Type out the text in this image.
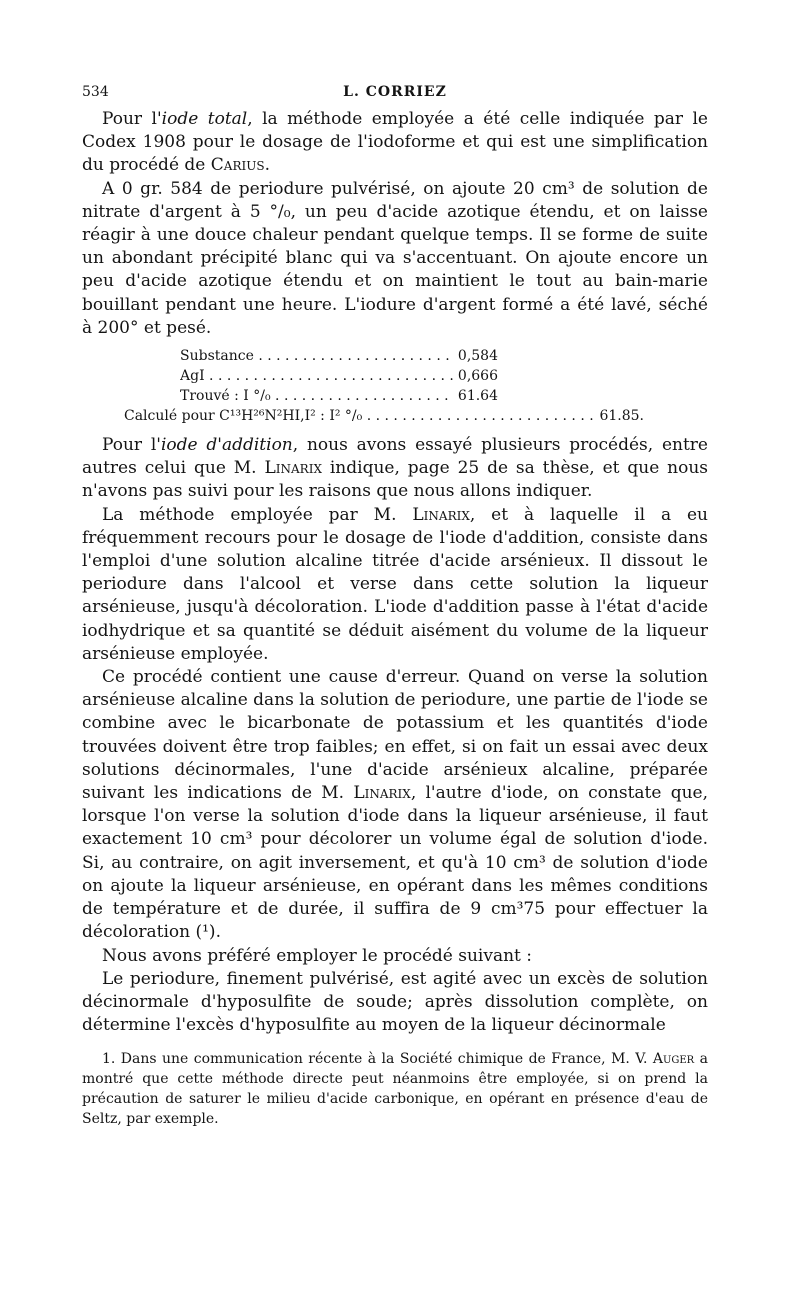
534	L. CORRIEZ

Pour l'iode total, la méthode employée a été celle indiquée par le Codex 1908 pour le dosage de l'iodoforme et qui est une simplification du procédé de Carius.

A 0 gr. 584 de periodure pulvérisé, on ajoute 20 cm³ de solution de nitrate d'argent à 5 °/₀, un peu d'acide azotique étendu, et on laisse réagir à une douce chaleur pendant quelque temps. Il se forme de suite un abondant précipité blanc qui va s'accentuant. On ajoute encore un peu d'acide azotique étendu et on maintient le tout au bain-marie bouillant pendant une heure. L'iodure d'argent formé a été lavé, séché à 200° et pesé.

Substance . . .	0,584
AgI . . .	0,666
Trouvé : I °/₀ . . .	61.64
Calculé pour C¹³H²⁶N²HI,I² : I² °/₀ . . .	61.85.

Pour l'iode d'addition, nous avons essayé plusieurs procédés, entre autres celui que M. Linarix indique, page 25 de sa thèse, et que nous n'avons pas suivi pour les raisons que nous allons indiquer.

La méthode employée par M. Linarix, et à laquelle il a eu fréquemment recours pour le dosage de l'iode d'addition, consiste dans l'emploi d'une solution alcaline titrée d'acide arsénieux. Il dissout le periodure dans l'alcool et verse dans cette solution la liqueur arsénieuse, jusqu'à décoloration. L'iode d'addition passe à l'état d'acide iodhydrique et sa quantité se déduit aisément du volume de la liqueur arsénieuse employée.

Ce procédé contient une cause d'erreur. Quand on verse la solution arsénieuse alcaline dans la solution de periodure, une partie de l'iode se combine avec le bicarbonate de potassium et les quantités d'iode trouvées doivent être trop faibles; en effet, si on fait un essai avec deux solutions décinormales, l'une d'acide arsénieux alcaline, préparée suivant les indications de M. Linarix, l'autre d'iode, on constate que, lorsque l'on verse la solution d'iode dans la liqueur arsénieuse, il faut exactement 10 cm³ pour décolorer un volume égal de solution d'iode. Si, au contraire, on agit inversement, et qu'à 10 cm³ de solution d'iode on ajoute la liqueur arsénieuse, en opérant dans les mêmes conditions de température et de durée, il suffira de 9 cm³75 pour effectuer la décoloration (¹).

Nous avons préféré employer le procédé suivant :

Le periodure, finement pulvérisé, est agité avec un excès de solution décinormale d'hyposulfite de soude; après dissolution complète, on détermine l'excès d'hyposulfite au moyen de la liqueur décinormale

1. Dans une communication récente à la Société chimique de France, M. V. Auger a montré que cette méthode directe peut néanmoins être employée, si on prend la précaution de saturer le milieu d'acide carbonique, en opérant en présence d'eau de Seltz, par exemple.
